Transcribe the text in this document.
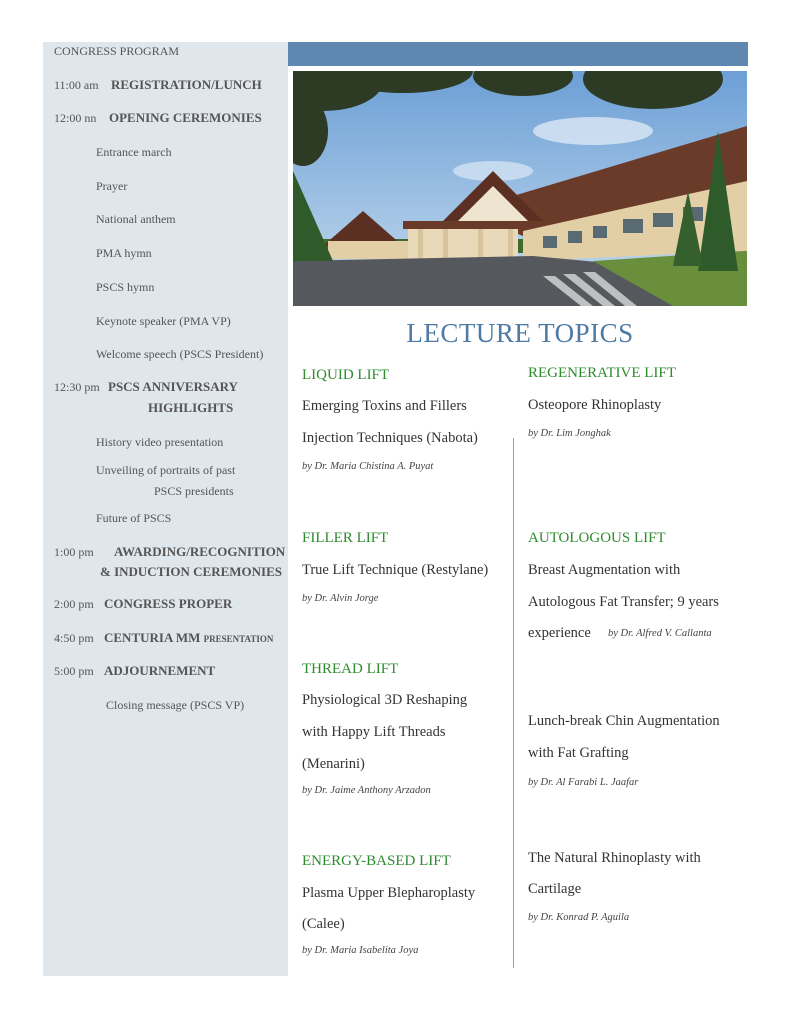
CONGRESS PROGRAM
11:00 am REGISTRATION/LUNCH
12:00 nn OPENING CEREMONIES
Entrance march
Prayer
National anthem
PMA hymn
PSCS hymn
Keynote speaker (PMA VP)
Welcome speech (PSCS President)
12:30 pm PSCS ANNIVERSARY
HIGHLIGHTS
History video presentation
Unveiling of portraits of past
PSCS presidents
Future of PSCS
1:00 pm AWARDING/RECOGNITION
& INDUCTION CEREMONIES
2:00 pm CONGRESS PROPER
4:50 pm CENTURIA MM presentation
5:00 pm ADJOURNEMENT
Closing message (PSCS VP)
LECTURE TOPICS
LIQUID LIFT
Emerging Toxins and Fillers
Injection Techniques (Nabota)
by Dr. Maria Chistina A. Puyat
FILLER LIFT
True Lift Technique (Restylane)
by Dr. Alvin Jorge
THREAD LIFT
Physiological 3D Reshaping
with Happy Lift Threads
(Menarini)
by Dr. Jaime Anthony Arzadon
ENERGY-BASED LIFT
Plasma Upper Blepharoplasty
(Calee)
by Dr. Maria Isabelita Joya
REGENERATIVE LIFT
Osteopore Rhinoplasty
by Dr. Lim Jonghak
AUTOLOGOUS LIFT
Breast Augmentation with
Autologous Fat Transfer; 9 years
experience by Dr. Alfred V. Callanta
Lunch-break Chin Augmentation
with Fat Grafting
by Dr. Al Farabi L. Jaafar
The Natural Rhinoplasty with
Cartilage
by Dr. Konrad P. Aguila
